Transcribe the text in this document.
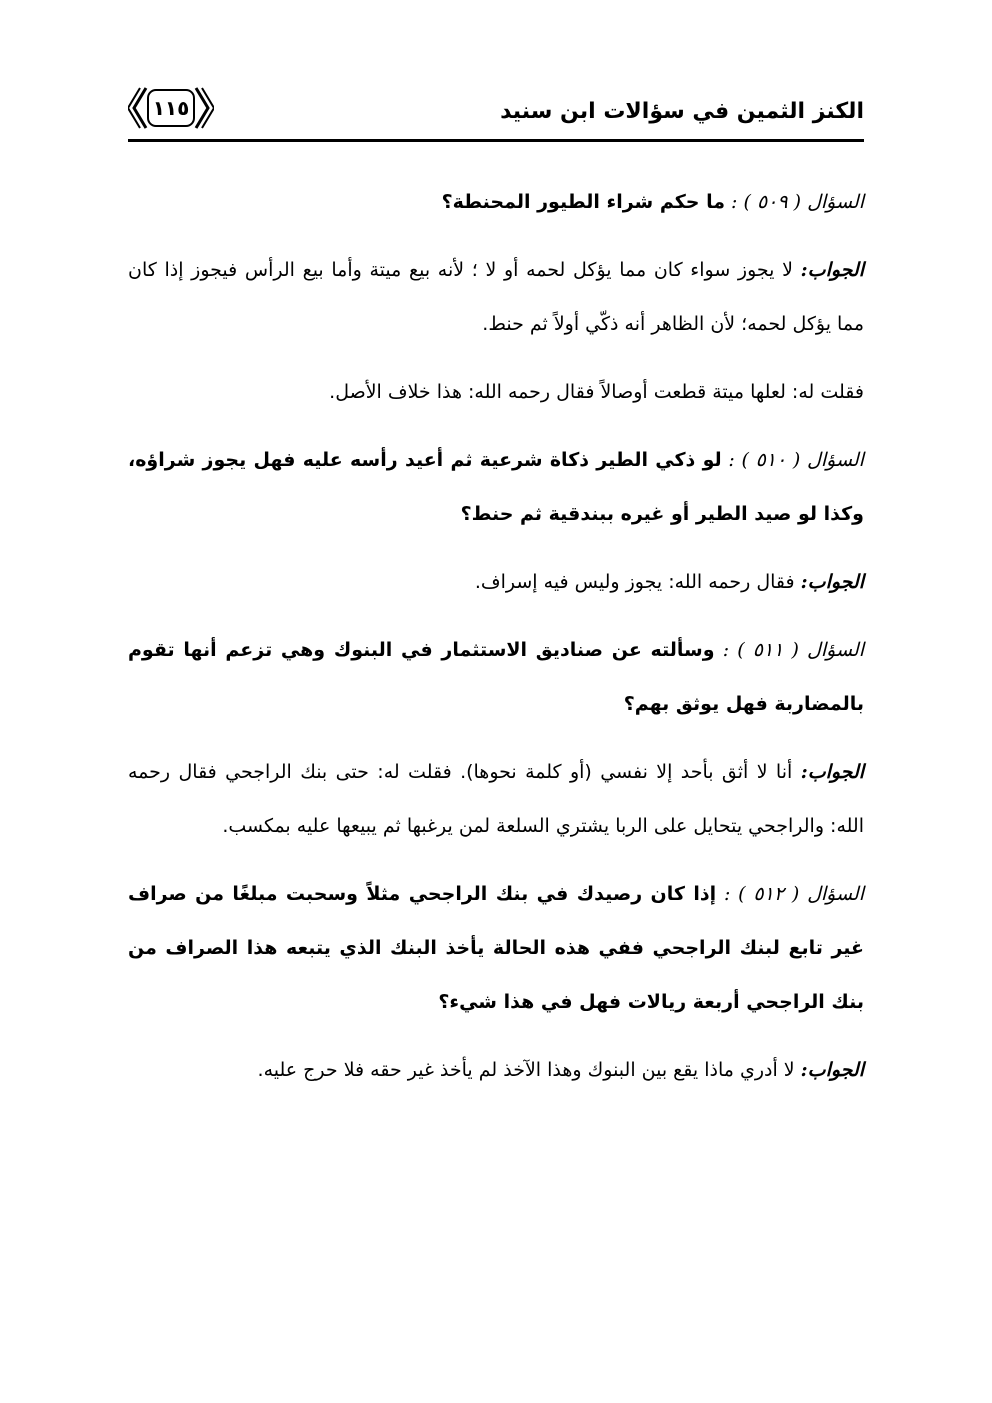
الكنز الثمين في سؤالات ابن سنيد
١١٥

السؤال ( ٥٠٩ ) : ما حكم شراء الطيور المحنطة؟

الجواب: لا يجوز سواء كان مما يؤكل لحمه أو لا ؛ لأنه بيع ميتة وأما بيع الرأس فيجوز إذا كان مما يؤكل لحمه؛ لأن الظاهر أنه ذكّي أولاً ثم حنط.

فقلت له: لعلها ميتة قطعت أوصالاً فقال رحمه الله: هذا خلاف الأصل.

السؤال ( ٥١٠ ) : لو ذكي الطير ذكاة شرعية ثم أعيد رأسه عليه فهل يجوز شراؤه، وكذا لو صيد الطير أو غيره ببندقية ثم حنط؟

الجواب: فقال رحمه الله: يجوز وليس فيه إسراف.

السؤال ( ٥١١ ) : وسألته عن صناديق الاستثمار في البنوك وهي تزعم أنها تقوم بالمضاربة فهل يوثق بهم؟

الجواب: أنا لا أثق بأحد إلا نفسي (أو كلمة نحوها). فقلت له: حتى بنك الراجحي فقال رحمه الله: والراجحي يتحايل على الربا يشتري السلعة لمن يرغبها ثم يبيعها عليه بمكسب.

السؤال ( ٥١٢ ) : إذا كان رصيدك في بنك الراجحي مثلاً وسحبت مبلغًا من صراف غير تابع لبنك الراجحي ففي هذه الحالة يأخذ البنك الذي يتبعه هذا الصراف من بنك الراجحي أربعة ريالات فهل في هذا شيء؟

الجواب: لا أدري ماذا يقع بين البنوك وهذا الآخذ لم يأخذ غير حقه فلا حرج عليه.
